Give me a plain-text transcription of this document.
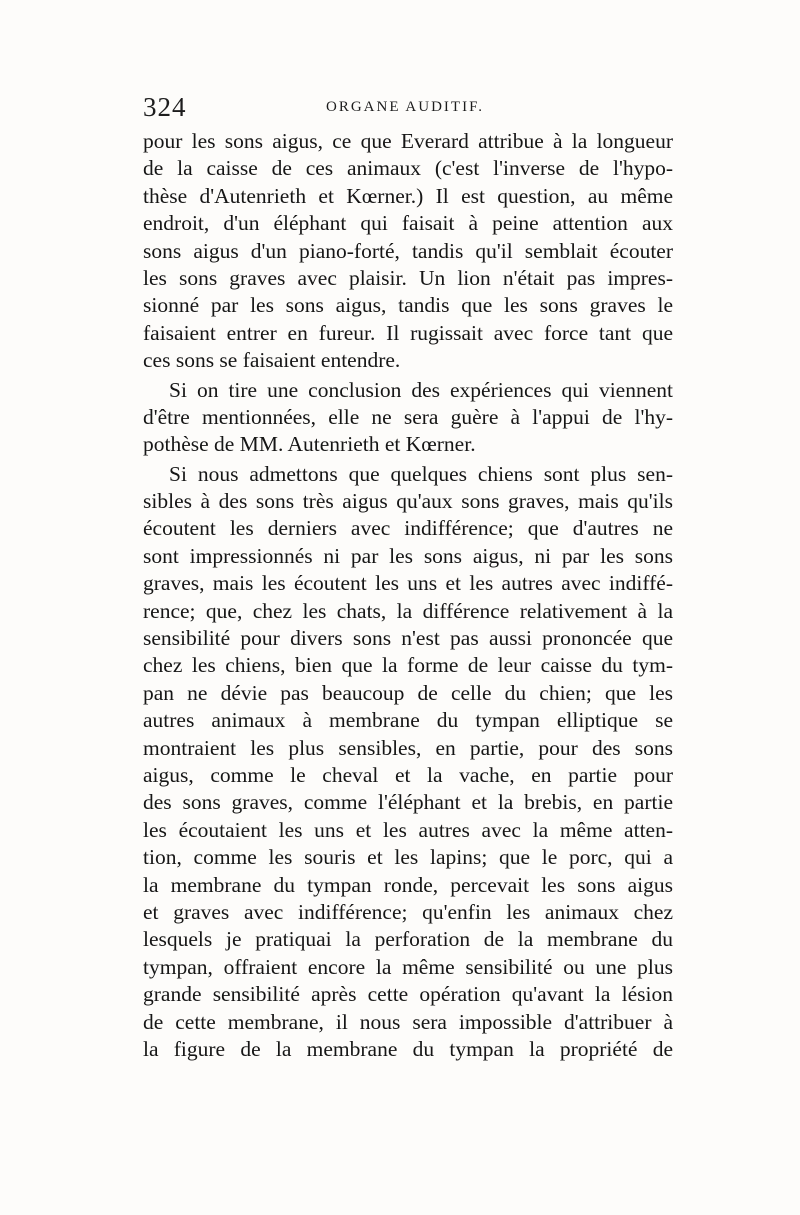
324	ORGANE AUDITIF.
pour les sons aigus, ce que Everard attribue à la longueur
de la caisse de ces animaux (c'est l'inverse de l'hypo-
thèse d'Autenrieth et Kœrner.) Il est question, au même
endroit, d'un éléphant qui faisait à peine attention aux
sons aigus d'un piano-forté, tandis qu'il semblait écouter
les sons graves avec plaisir. Un lion n'était pas impres-
sionné par les sons aigus, tandis que les sons graves le
faisaient entrer en fureur. Il rugissait avec force tant que
ces sons se faisaient entendre.
Si on tire une conclusion des expériences qui viennent
d'être mentionnées, elle ne sera guère à l'appui de l'hy-
pothèse de MM. Autenrieth et Kœrner.
Si nous admettons que quelques chiens sont plus sen-
sibles à des sons très aigus qu'aux sons graves, mais qu'ils
écoutent les derniers avec indifférence; que d'autres ne
sont impressionnés ni par les sons aigus, ni par les sons
graves, mais les écoutent les uns et les autres avec indiffé-
rence; que, chez les chats, la différence relativement à la
sensibilité pour divers sons n'est pas aussi prononcée que
chez les chiens, bien que la forme de leur caisse du tym-
pan ne dévie pas beaucoup de celle du chien; que les
autres animaux à membrane du tympan elliptique se
montraient les plus sensibles, en partie, pour des sons
aigus, comme le cheval et la vache, en partie pour
des sons graves, comme l'éléphant et la brebis, en partie
les écoutaient les uns et les autres avec la même atten-
tion, comme les souris et les lapins; que le porc, qui a
la membrane du tympan ronde, percevait les sons aigus
et graves avec indifférence; qu'enfin les animaux chez
lesquels je pratiquai la perforation de la membrane du
tympan, offraient encore la même sensibilité ou une plus
grande sensibilité après cette opération qu'avant la lésion
de cette membrane, il nous sera impossible d'attribuer à
la figure de la membrane du tympan la propriété de
